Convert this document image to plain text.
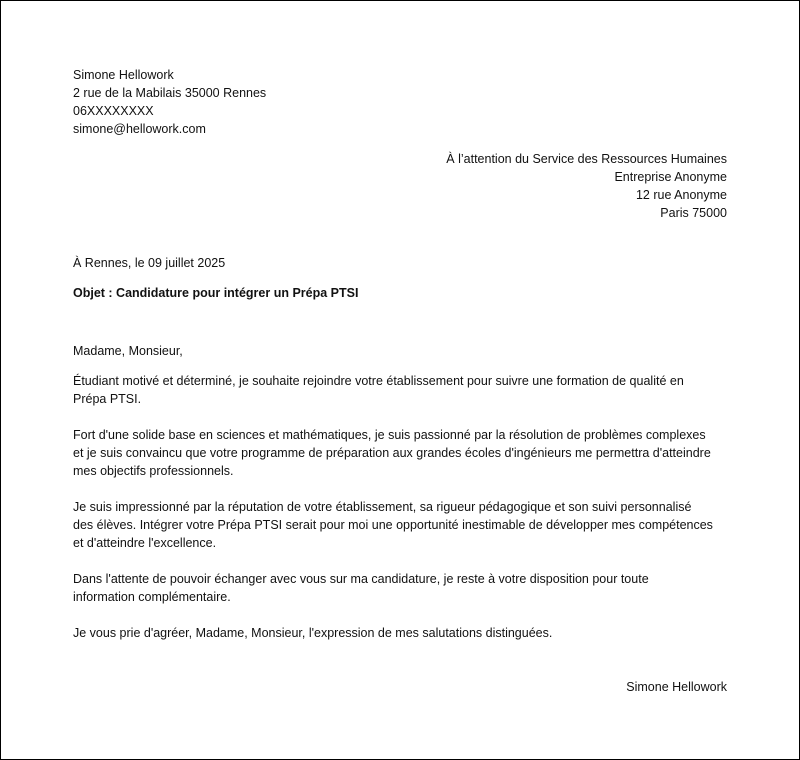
Simone Hellowork
2 rue de la Mabilais 35000 Rennes
06XXXXXXXX
simone@hellowork.com
À l’attention du Service des Ressources Humaines
Entreprise Anonyme
12 rue Anonyme
Paris 75000
À Rennes, le 09 juillet 2025
Objet : Candidature pour intégrer un Prépa PTSI
Madame, Monsieur,

Étudiant motivé et déterminé, je souhaite rejoindre votre établissement pour suivre une formation de qualité en
Prépa PTSI.

Fort d'une solide base en sciences et mathématiques, je suis passionné par la résolution de problèmes complexes
et je suis convaincu que votre programme de préparation aux grandes écoles d'ingénieurs me permettra d'atteindre
mes objectifs professionnels.

Je suis impressionné par la réputation de votre établissement, sa rigueur pédagogique et son suivi personnalisé
des élèves. Intégrer votre Prépa PTSI serait pour moi une opportunité inestimable de développer mes compétences
et d'atteindre l'excellence.

Dans l'attente de pouvoir échanger avec vous sur ma candidature, je reste à votre disposition pour toute
information complémentaire.

Je vous prie d'agréer, Madame, Monsieur, l'expression de mes salutations distinguées.

Simone Hellowork
